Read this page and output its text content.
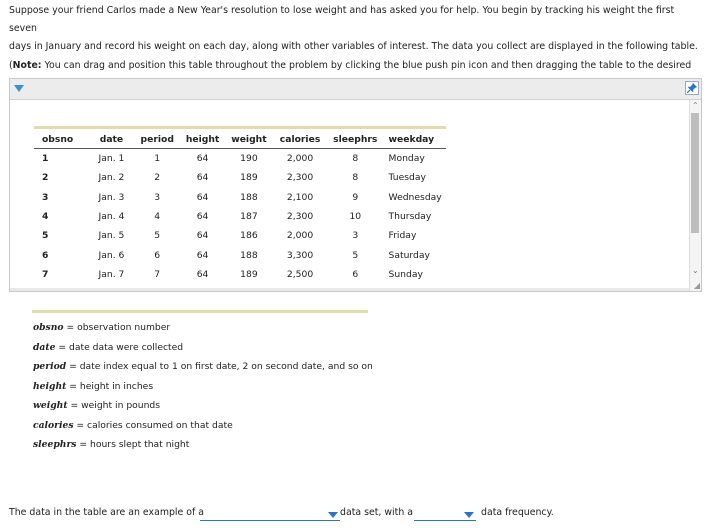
Suppose your friend Carlos made a New Year's resolution to lose weight and has asked you for help. You begin by tracking his weight the first seven
days in January and record his weight on each day, along with other variables of interest. The data you collect are displayed in the following table.
(Note: You can drag and position this table throughout the problem by clicking the blue push pin icon and then dragging the table to the desired
obsno	date	period	height	weight	calories	sleephrs	weekday
1	Jan. 1	1	64	190	2,000	8	Monday
2	Jan. 2	2	64	189	2,300	8	Tuesday
3	Jan. 3	3	64	188	2,100	9	Wednesday
4	Jan. 4	4	64	187	2,300	10	Thursday
5	Jan. 5	5	64	186	2,000	3	Friday
6	Jan. 6	6	64	188	3,300	5	Saturday
7	Jan. 7	7	64	189	2,500	6	Sunday
⌃
⌄
◢
obsno = observation number
date = date data were collected
period = date index equal to 1 on first date, 2 on second date, and so on
height = height in inches
weight = weight in pounds
calories = calories consumed on that date
sleephrs = hours slept that night
The data in the table are an example of a	data set, with a	data frequency.
